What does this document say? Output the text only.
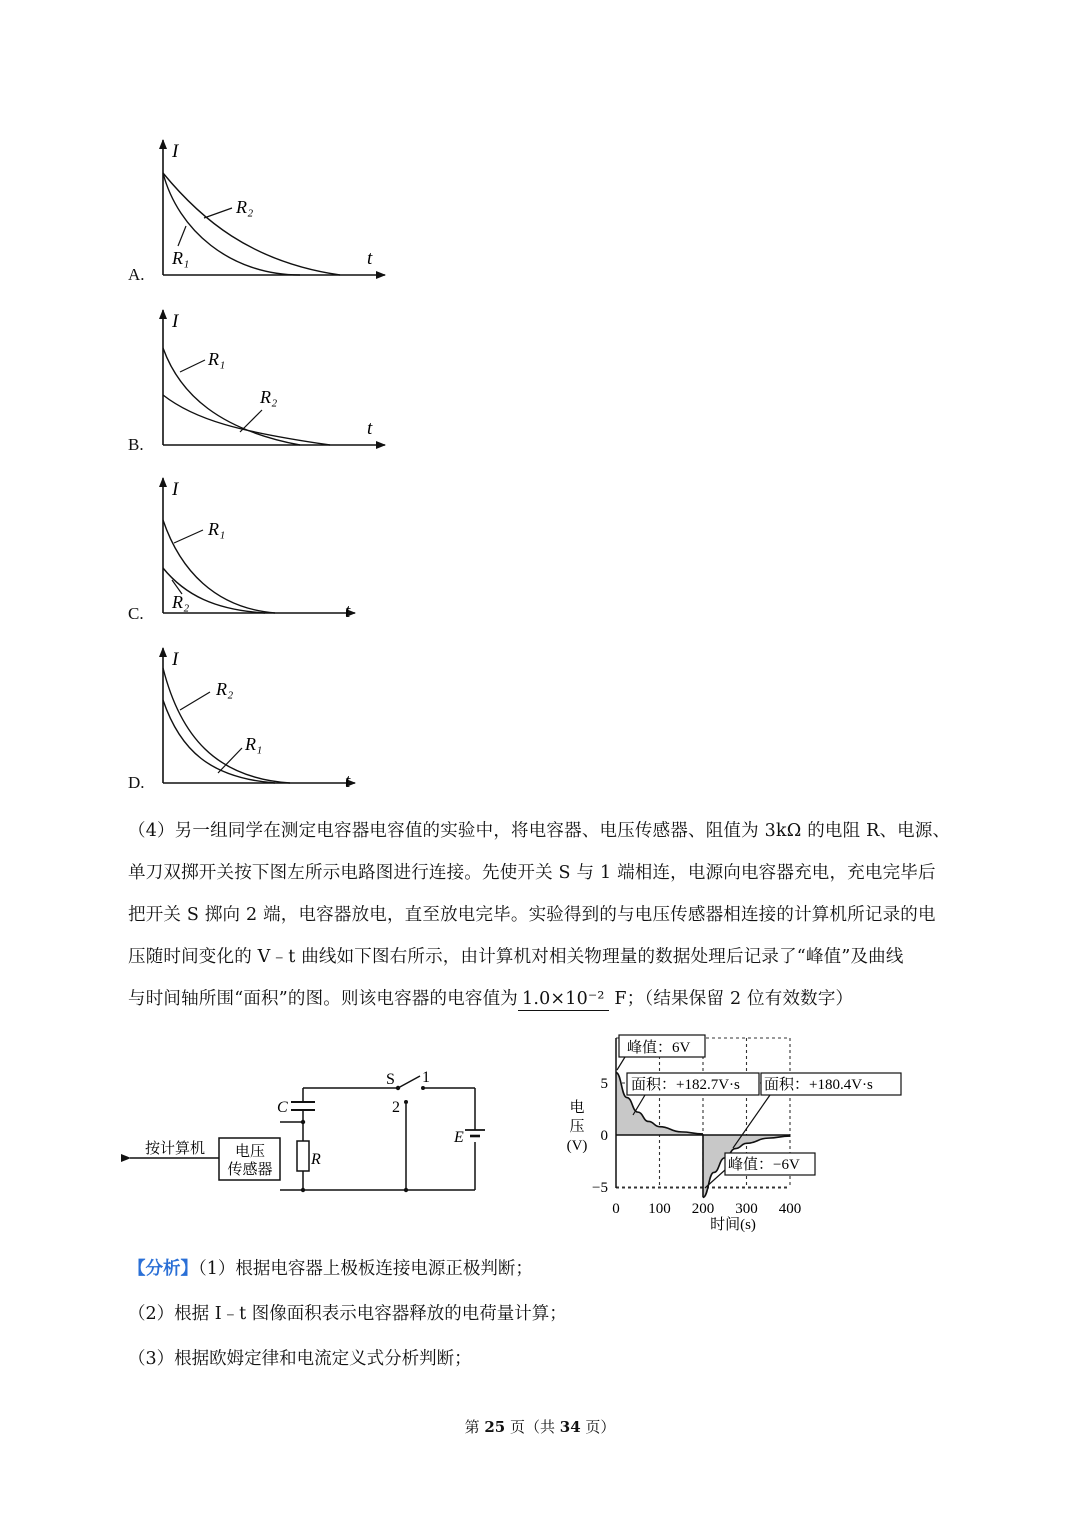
I
t
R₂
R₁
I
t
R₁
R₂
I
t
R₁
R₂
I
t
R₂
R₁
A.
B.
C.
D.
（4）另一组同学在测定电容器电容值的实验中，将电容器、电压传感器、阻值为 3kΩ 的电阻 R、电源、
单刀双掷开关按下图左所示电路图进行连接。先使开关 S 与 1 端相连，电源向电容器充电，充电完毕后
把开关 S 掷向 2 端，电容器放电，直至放电完毕。实验得到的与电压传感器相连接的计算机所记录的电
压随时间变化的 V﹣t 曲线如下图右所示，由计算机对相关物理量的数据处理后记录了“峰值”及曲线
与时间轴所围“面积”的图。则该电容器的电容值为 1.0×10⁻² F；（结果保留 2 位有效数字）
电压
传感器
按计算机
C
R
S 1
2
E
0 100 200 300 400
5
0
−5
电
压
(V)
时间(s)
峰值：6V
面积：+182.7V·s 面积：+180.4V·s
峰值：−6V
【分析】（1）根据电容器上极板连接电源正极判断；
（2）根据 I﹣t 图像面积表示电容器释放的电荷量计算；
（3）根据欧姆定律和电流定义式分析判断；
第 25 页（共 34 页）
